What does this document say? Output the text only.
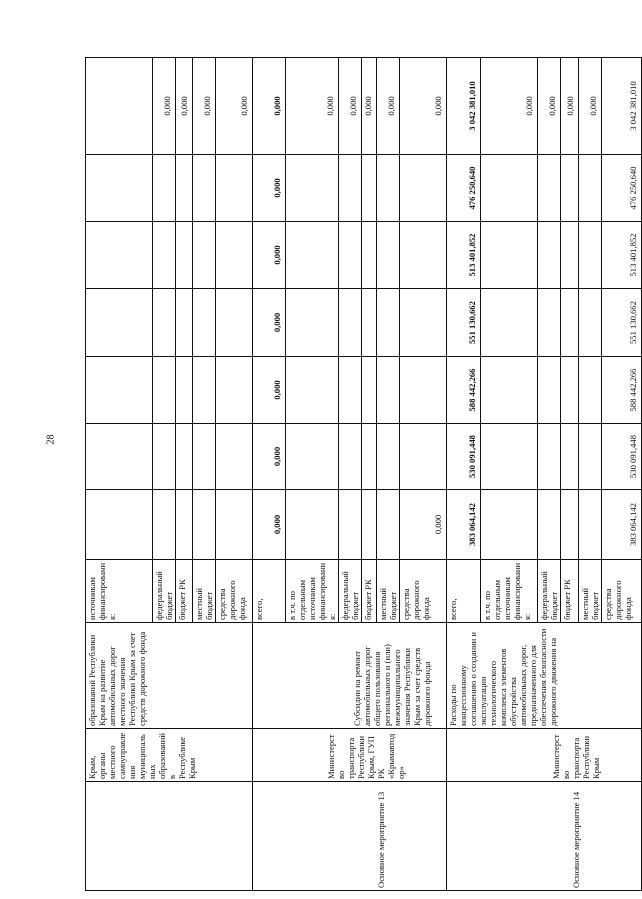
28
	Крым, органы местного самоуправления муниципальных образований в Республике Крым	образований Республики Крым на развитие автомобильных дорог местного значения Республики Крым за счет средств дорожного фонда	источникам финансирования:							
			федеральный бюджет							0,000
			бюджет РК							0,000
			местный бюджет							0,000
			средства дорожного фонда							0,000
Основное мероприятие 13	Министерство транспорта Республики Крым, ГУП РК «Крымавтодор»	Субсидии на ремонт автомобильных дорог общего пользования регионального и (или) межмуниципального значения Республики Крым за счет средств дорожного фонда	всего,	0,000	0,000	0,000	0,000	0,000	0,000	0,000
			в т.ч. по отдельным источникам финансирования:							0,000
			федеральный бюджет							0,000
			бюджет РК							0,000
			местный бюджет							0,000
			средства дорожного фонда	0,000						0,000
Основное мероприятие 14	Министерство транспорта Республики Крым	Расходы по концессионному соглашению о создании и эксплуатации технологического комплекса элементов обустройства автомобильных дорог, предназначенного для обеспечения безопасности дорожного движения на	всего,	383 064,142	530 091,448	588 442,266	551 130,662	513 401,852	476 250,640	3 042 381,010
			в т.ч. по отдельным источникам финансирования:							0,000
			федеральный бюджет							0,000
			бюджет РК							0,000
			местный бюджет							0,000
			средства дорожного фонда	383 064,142	530 091,448	588 442,266	551 130,662	513 401,852	476 250,640	3 042 381,010
